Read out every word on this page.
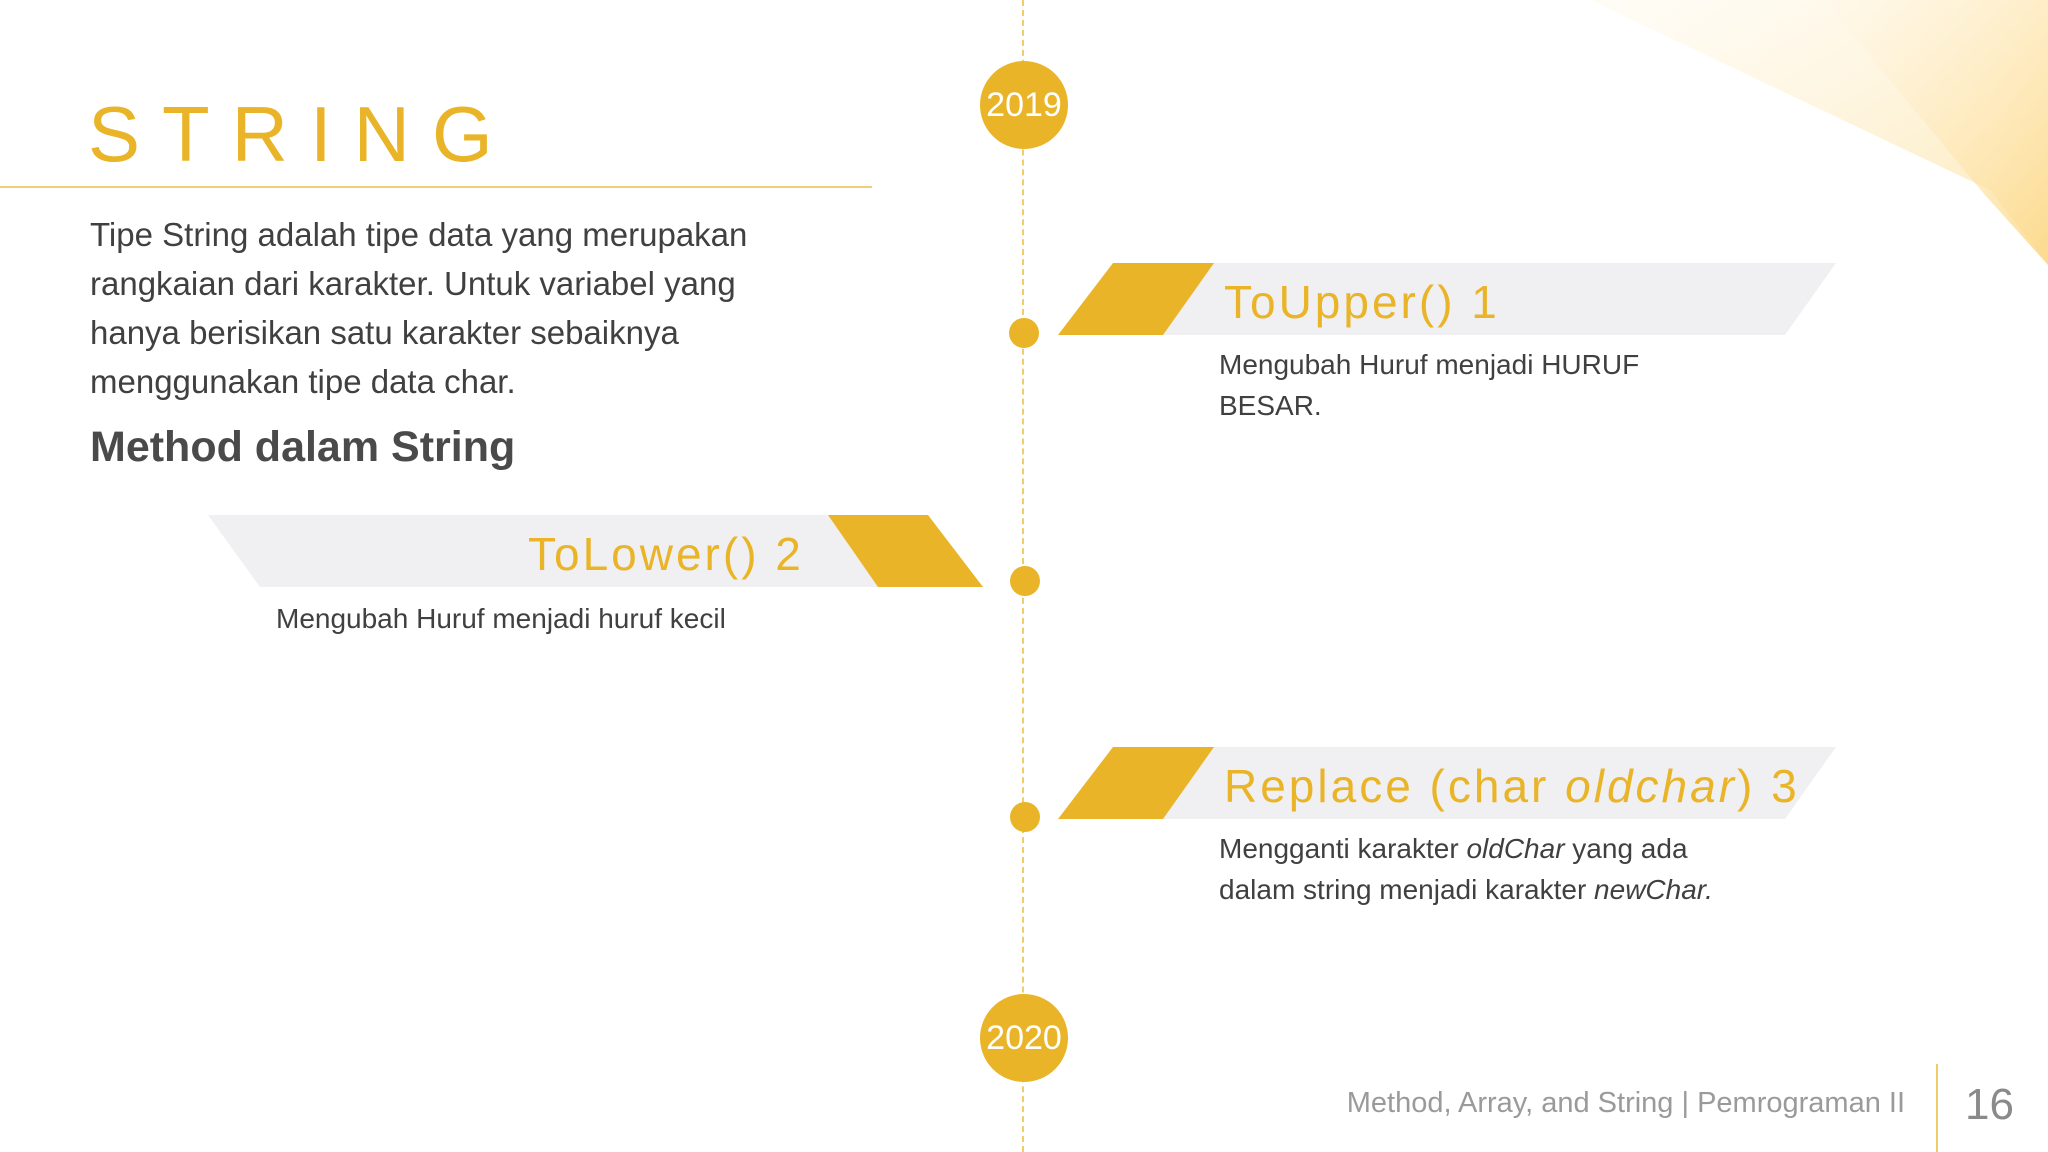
STRING

Tipe String adalah tipe data yang merupakan rangkaian dari karakter. Untuk variabel yang hanya berisikan satu karakter sebaiknya menggunakan tipe data char.

Method dalam String
2019
2020
ToUpper() 1
Mengubah Huruf menjadi HURUF BESAR.
ToLower() 2
Mengubah Huruf menjadi huruf kecil
Replace (char oldchar) 3
Mengganti karakter oldChar yang ada dalam string menjadi karakter newChar.
Method, Array, and String | Pemrograman II 16
